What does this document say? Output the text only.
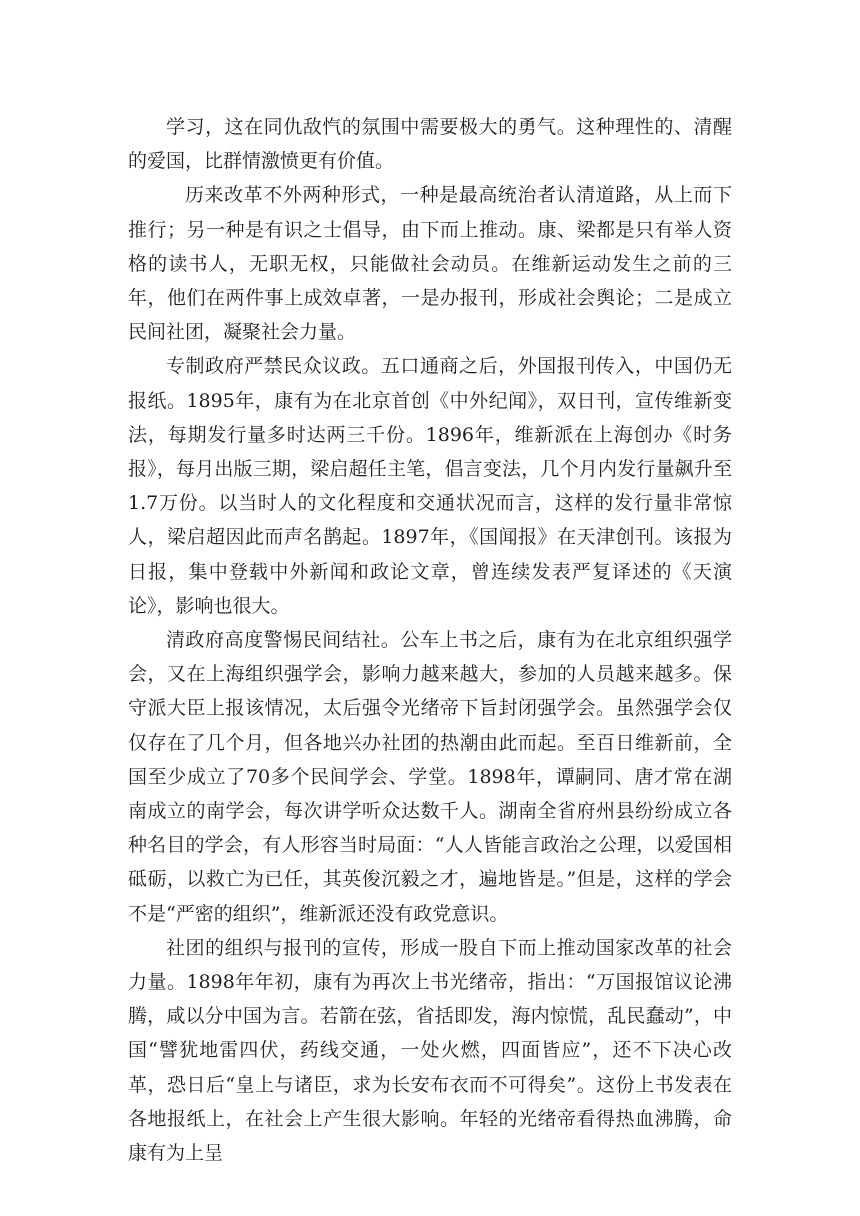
学习，这在同仇敌忾的氛围中需要极大的勇气。这种理性的、清醒的爱国，比群情激愤更有价值。

历来改革不外两种形式，一种是最高统治者认清道路，从上而下推行；另一种是有识之士倡导，由下而上推动。康、梁都是只有举人资格的读书人，无职无权，只能做社会动员。在维新运动发生之前的三年，他们在两件事上成效卓著，一是办报刊，形成社会舆论；二是成立民间社团，凝聚社会力量。

专制政府严禁民众议政。五口通商之后，外国报刊传入，中国仍无报纸。1895年，康有为在北京首创《中外纪闻》，双日刊，宣传维新变法，每期发行量多时达两三千份。1896年，维新派在上海创办《时务报》，每月出版三期，梁启超任主笔，倡言变法，几个月内发行量飙升至1.7万份。以当时人的文化程度和交通状况而言，这样的发行量非常惊人，梁启超因此而声名鹊起。1897年，《国闻报》在天津创刊。该报为日报，集中登载中外新闻和政论文章，曾连续发表严复译述的《天演论》，影响也很大。

清政府高度警惕民间结社。公车上书之后，康有为在北京组织强学会，又在上海组织强学会，影响力越来越大，参加的人员越来越多。保守派大臣上报该情况，太后强令光绪帝下旨封闭强学会。虽然强学会仅仅存在了几个月，但各地兴办社团的热潮由此而起。至百日维新前，全国至少成立了70多个民间学会、学堂。1898年，谭嗣同、唐才常在湖南成立的南学会，每次讲学听众达数千人。湖南全省府州县纷纷成立各种名目的学会，有人形容当时局面：“人人皆能言政治之公理，以爱国相砥砺，以救亡为已任，其英俊沉毅之才，遍地皆是。”但是，这样的学会不是“严密的组织”，维新派还没有政党意识。

社团的组织与报刊的宣传，形成一股自下而上推动国家改革的社会力量。1898年年初，康有为再次上书光绪帝，指出：“万国报馆议论沸腾，咸以分中国为言。若箭在弦，省括即发，海内惊慌，乱民蠢动”，中国“譬犹地雷四伏，药线交通，一处火燃，四面皆应”，还不下决心改革，恐日后“皇上与诸臣，求为长安布衣而不可得矣”。这份上书发表在各地报纸上，在社会上产生很大影响。年轻的光绪帝看得热血沸腾，命康有为上呈
